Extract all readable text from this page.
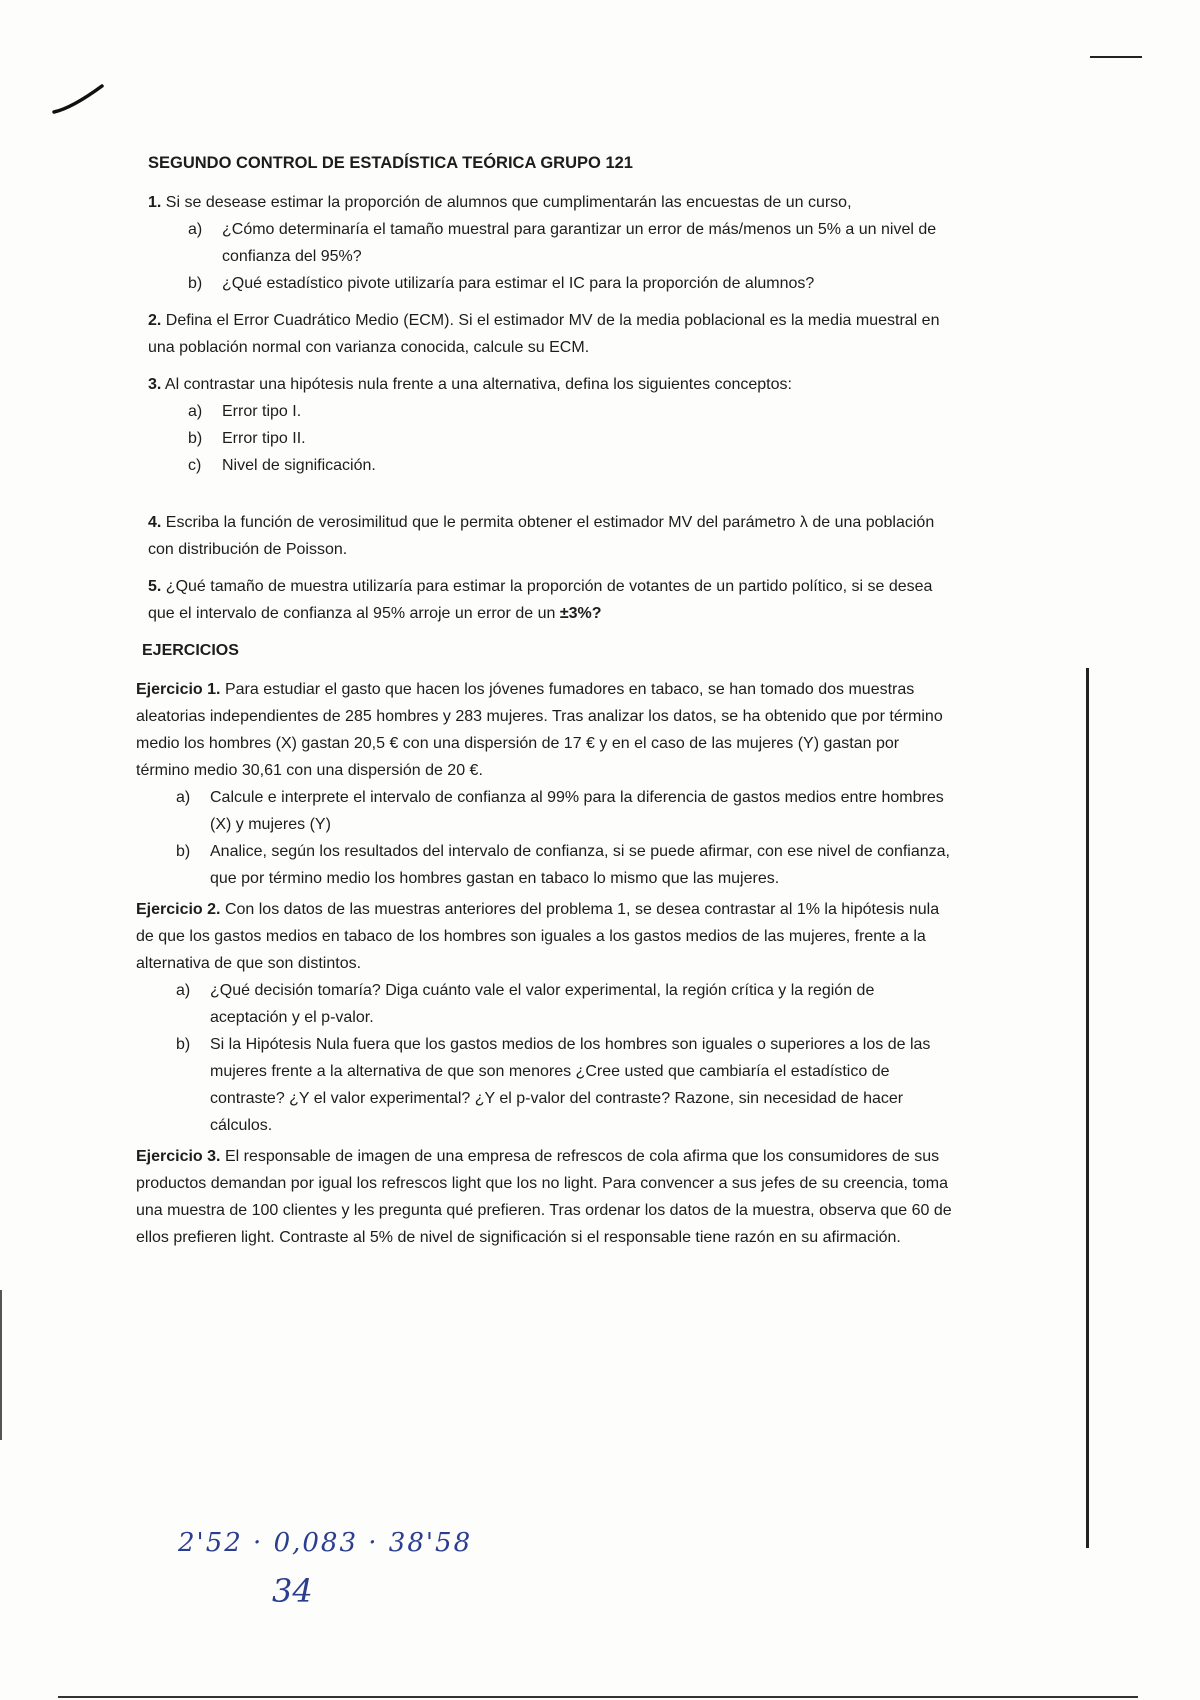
SEGUNDO CONTROL DE ESTADÍSTICA TEÓRICA GRUPO 121
1. Si se desease estimar la proporción de alumnos que cumplimentarán las encuestas de un curso,
a)	¿Cómo determinaría el tamaño muestral para garantizar un error de más/menos un 5% a un nivel de confianza del 95%?
b)	¿Qué estadístico pivote utilizaría para estimar el IC para la proporción de alumnos?
2. Defina el Error Cuadrático Medio (ECM). Si el estimador MV de la media poblacional es la media muestral en una población normal con varianza conocida, calcule su ECM.
3. Al contrastar una hipótesis nula frente a una alternativa, defina los siguientes conceptos:
a)	Error tipo I.
b)	Error tipo II.
c)	Nivel de significación.
4. Escriba la función de verosimilitud que le permita obtener el estimador MV del parámetro λ de una población con distribución de Poisson.
5. ¿Qué tamaño de muestra utilizaría para estimar la proporción de votantes de un partido político, si se desea que el intervalo de confianza al 95% arroje un error de un ±3%?
EJERCICIOS
Ejercicio 1. Para estudiar el gasto que hacen los jóvenes fumadores en tabaco, se han tomado dos muestras aleatorias independientes de 285 hombres y 283 mujeres. Tras analizar los datos, se ha obtenido que por término medio los hombres (X) gastan 20,5 € con una dispersión de 17 € y en el caso de las mujeres (Y) gastan por término medio 30,61 con una dispersión de 20 €.
a)	Calcule e interprete el intervalo de confianza al 99% para la diferencia de gastos medios entre hombres (X) y mujeres (Y)
b)	Analice, según los resultados del intervalo de confianza, si se puede afirmar, con ese nivel de confianza, que por término medio los hombres gastan en tabaco lo mismo que las mujeres.
Ejercicio 2. Con los datos de las muestras anteriores del problema 1, se desea contrastar al 1% la hipótesis nula de que los gastos medios en tabaco de los hombres son iguales a los gastos medios de las mujeres, frente a la alternativa de que son distintos.
a)	¿Qué decisión tomaría? Diga cuánto vale el valor experimental, la región crítica y la región de aceptación y el p-valor.
b)	Si la Hipótesis Nula fuera que los gastos medios de los hombres son iguales o superiores a los de las mujeres frente a la alternativa de que son menores ¿Cree usted que cambiaría el estadístico de contraste? ¿Y el valor experimental? ¿Y el p-valor del contraste? Razone, sin necesidad de hacer cálculos.
Ejercicio 3. El responsable de imagen de una empresa de refrescos de cola afirma que los consumidores de sus productos demandan por igual los refrescos light que los no light. Para convencer a sus jefes de su creencia, toma una muestra de 100 clientes y les pregunta qué prefieren. Tras ordenar los datos de la muestra, observa que 60 de ellos prefieren light. Contraste al 5% de nivel de significación si el responsable tiene razón en su afirmación.
2'52 · 0,083 · 38'58
34
